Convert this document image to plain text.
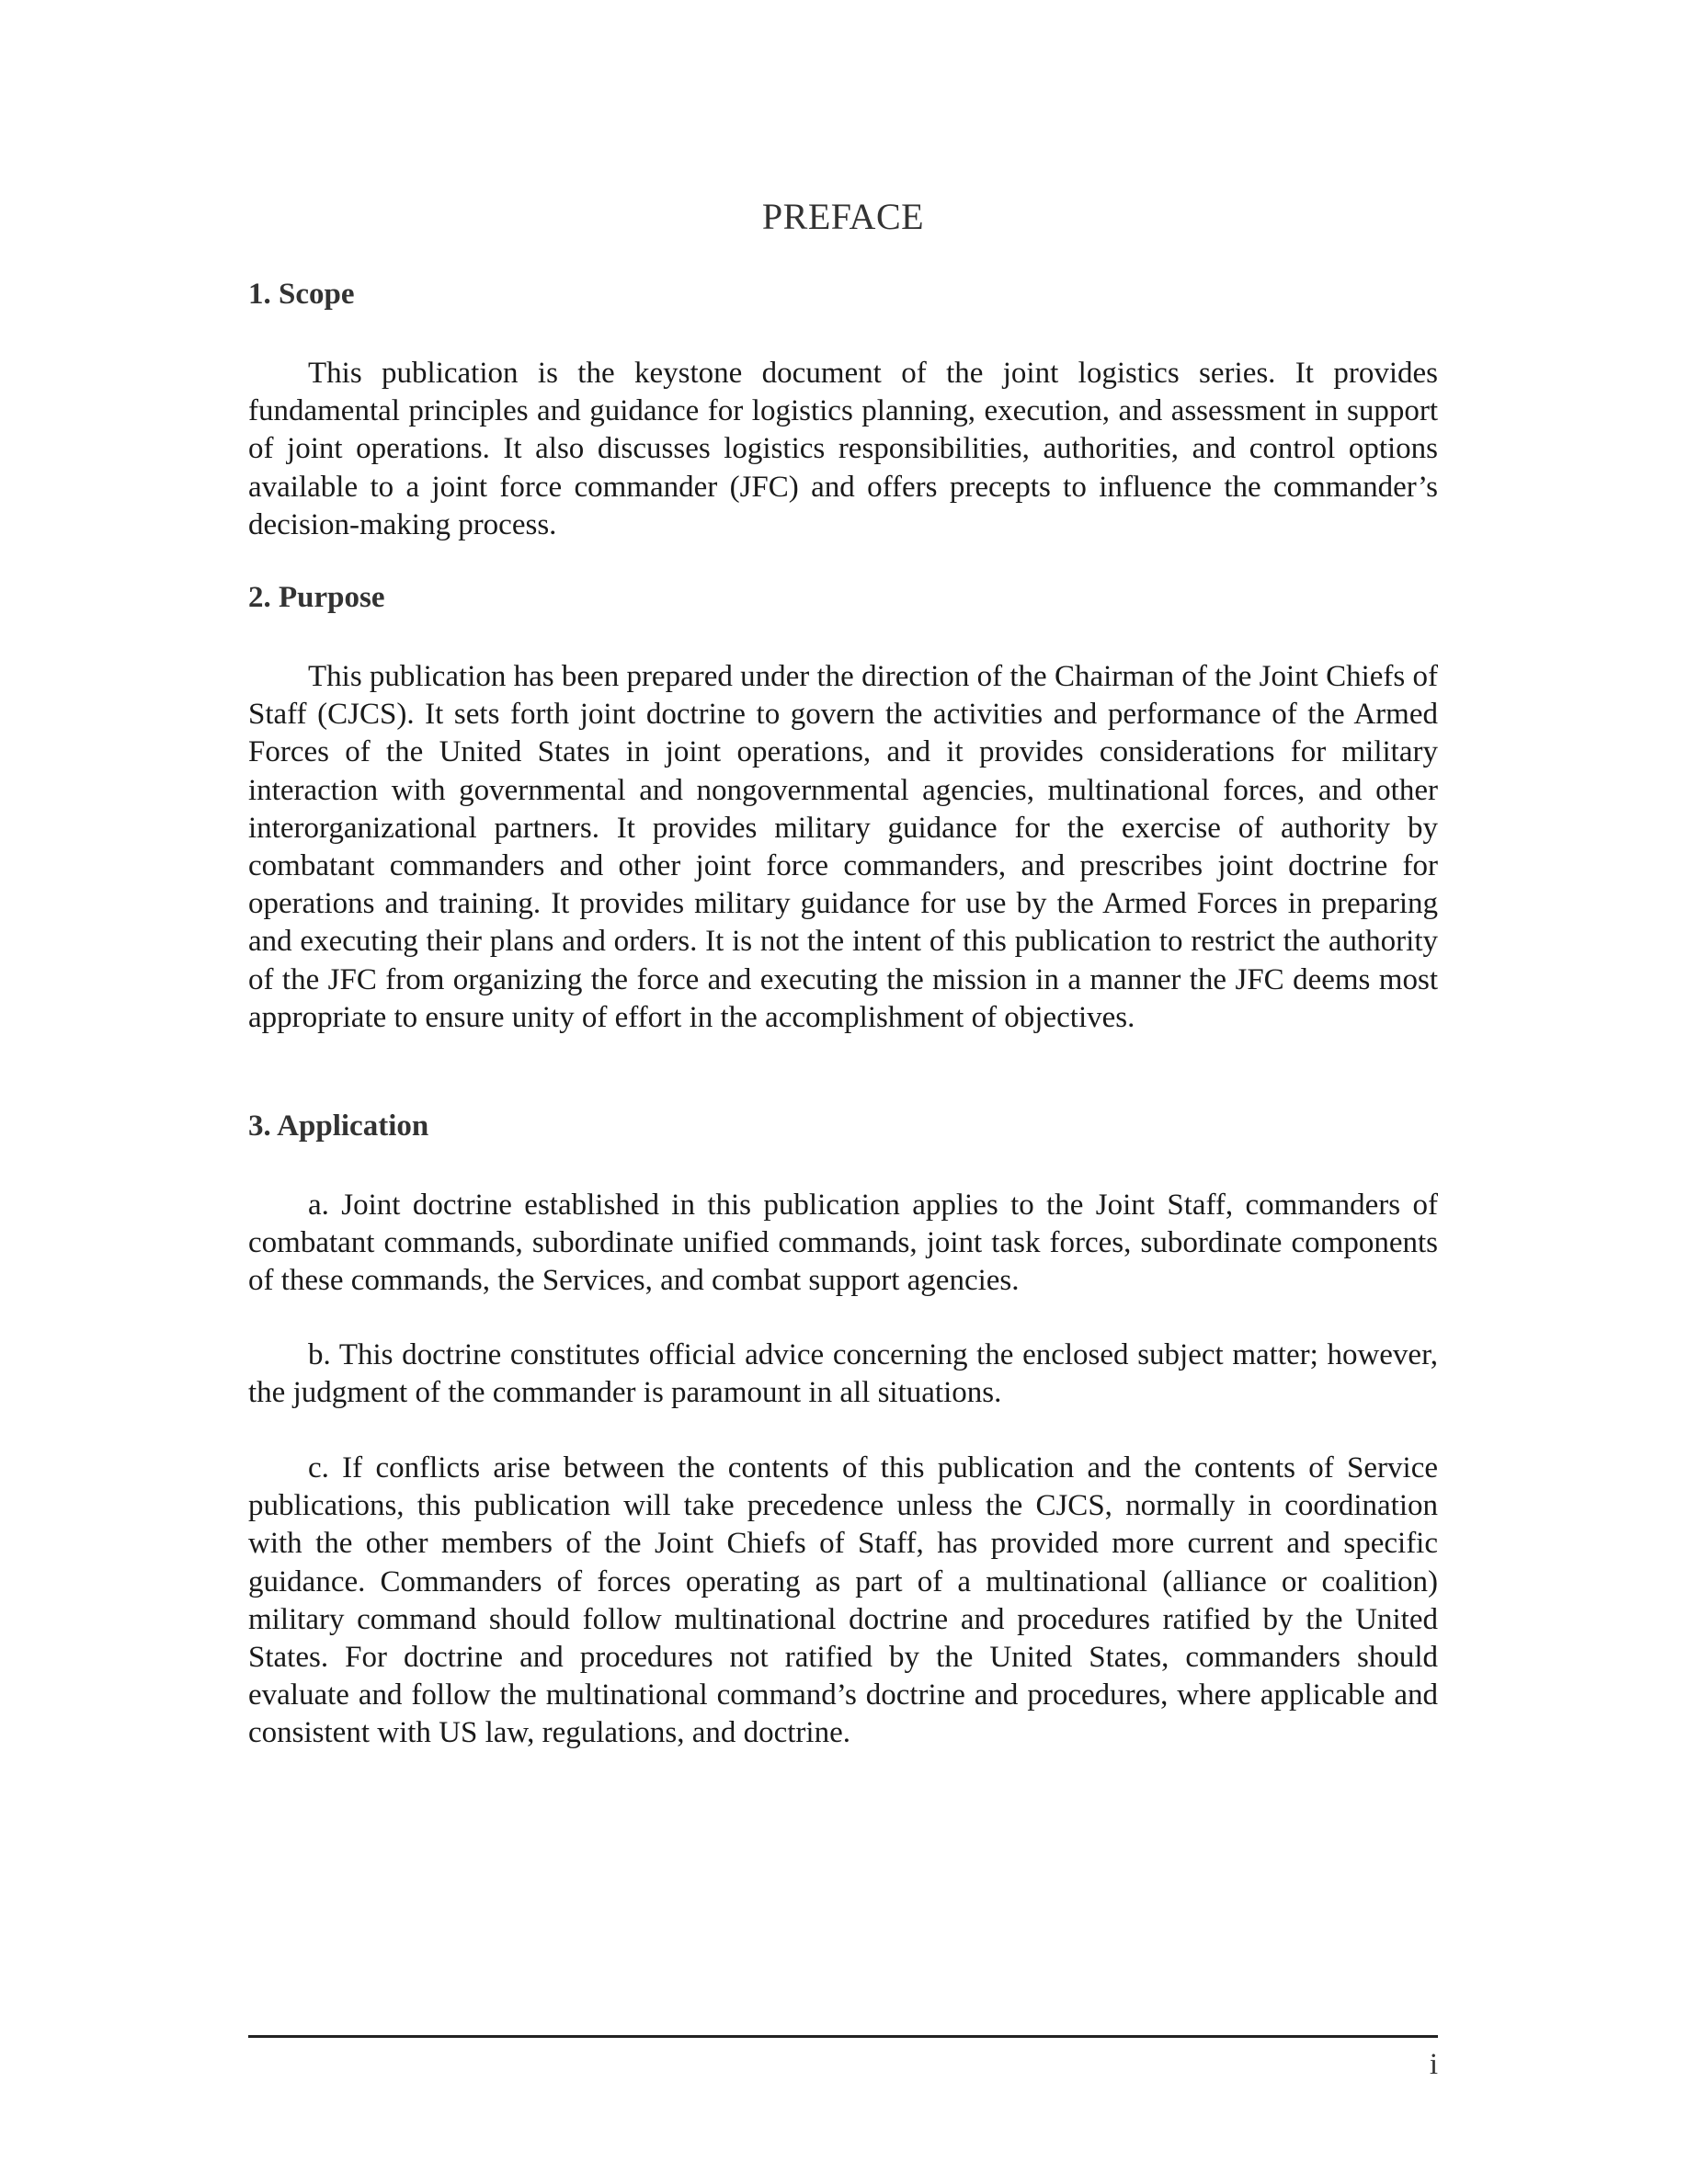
PREFACE
1. Scope

This publication is the keystone document of the joint logistics series. It provides fundamental principles and guidance for logistics planning, execution, and assessment in support of joint operations. It also discusses logistics responsibilities, authorities, and control options available to a joint force commander (JFC) and offers precepts to influence the commander’s decision-making process.

2. Purpose

This publication has been prepared under the direction of the Chairman of the Joint Chiefs of Staff (CJCS). It sets forth joint doctrine to govern the activities and performance of the Armed Forces of the United States in joint operations, and it provides considerations for military interaction with governmental and nongovernmental agencies, multinational forces, and other interorganizational partners. It provides military guidance for the exercise of authority by combatant commanders and other joint force commanders, and prescribes joint doctrine for operations and training. It provides military guidance for use by the Armed Forces in preparing and executing their plans and orders. It is not the intent of this publication to restrict the authority of the JFC from organizing the force and executing the mission in a manner the JFC deems most appropriate to ensure unity of effort in the accomplishment of objectives.

3. Application

a. Joint doctrine established in this publication applies to the Joint Staff, commanders of combatant commands, subordinate unified commands, joint task forces, subordinate components of these commands, the Services, and combat support agencies.

b. This doctrine constitutes official advice concerning the enclosed subject matter; however, the judgment of the commander is paramount in all situations.

c. If conflicts arise between the contents of this publication and the contents of Service publications, this publication will take precedence unless the CJCS, normally in coordination with the other members of the Joint Chiefs of Staff, has provided more current and specific guidance. Commanders of forces operating as part of a multinational (alliance or coalition) military command should follow multinational doctrine and procedures ratified by the United States. For doctrine and procedures not ratified by the United States, commanders should evaluate and follow the multinational command’s doctrine and procedures, where applicable and consistent with US law, regulations, and doctrine.

i
